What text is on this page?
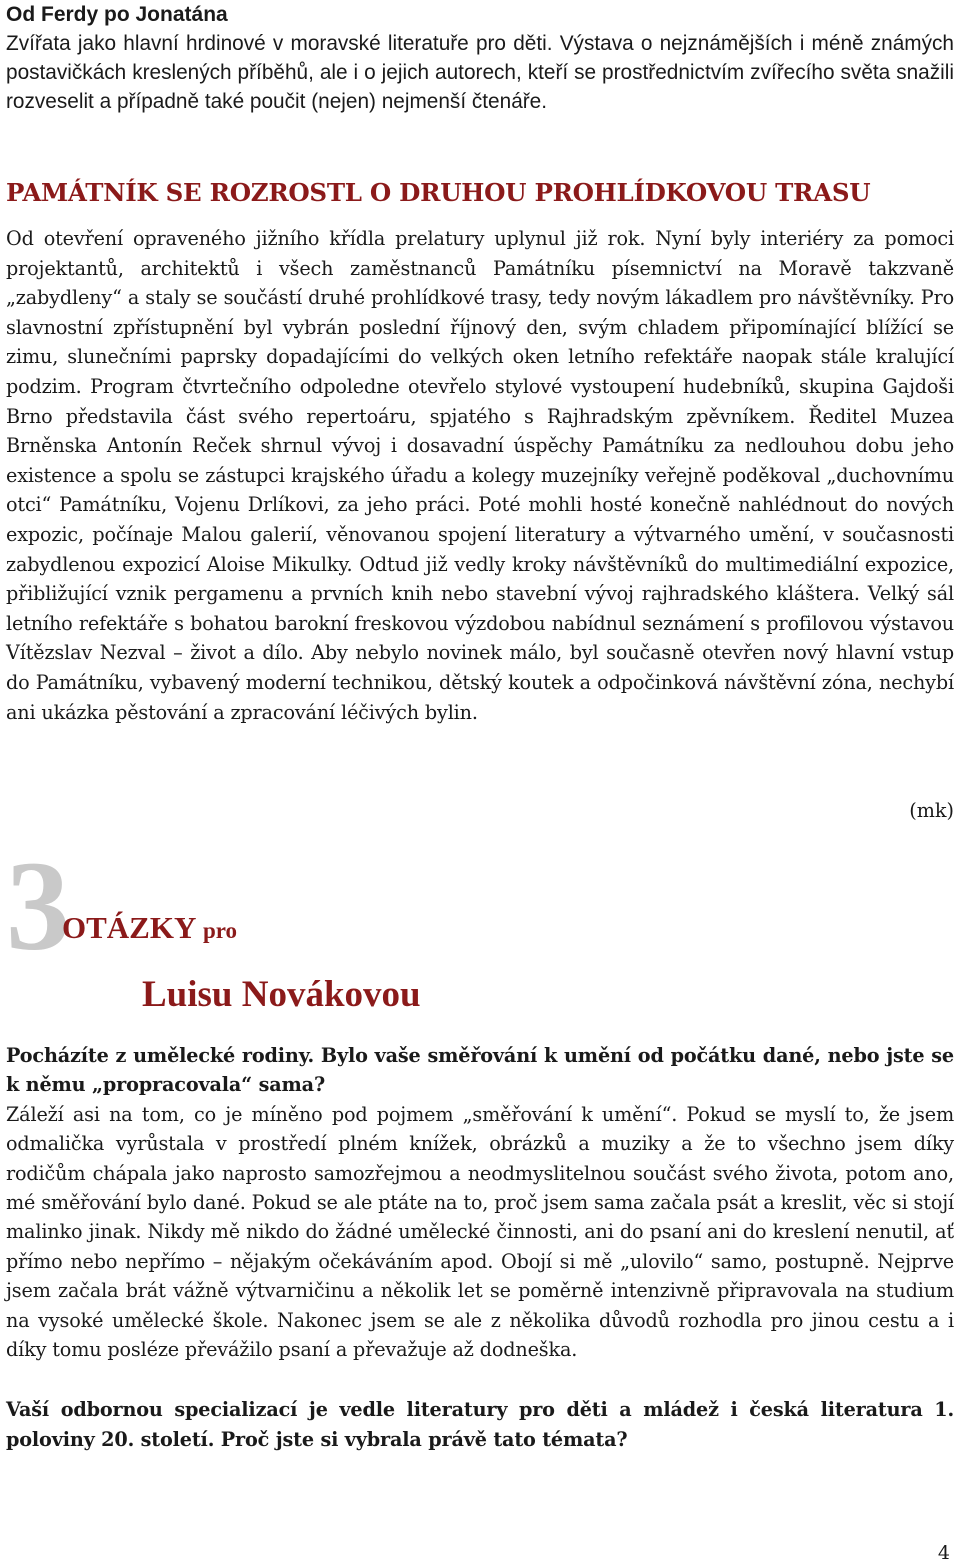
Od Ferdy po Jonatána

Zvířata jako hlavní hrdinové v moravské literatuře pro děti. Výstava o nejznámějších i méně známých postavičkách kreslených příběhů, ale i o jejich autorech, kteří se prostřednictvím zvířecího světa snažili rozveselit a případně také poučit (nejen) nejmenší čtenáře.

PAMÁTNÍK SE ROZROSTL O DRUHOU PROHLÍDKOVOU TRASU

Od otevření opraveného jižního křídla prelatury uplynul již rok. Nyní byly interiéry za pomoci projektantů, architektů i všech zaměstnanců Památníku písemnictví na Moravě takzvaně „zabydleny“ a staly se součástí druhé prohlídkové trasy, tedy novým lákadlem pro návštěvníky. Pro slavnostní zpřístupnění byl vybrán poslední říjnový den, svým chladem připomínající blížící se zimu, slunečními paprsky dopadajícími do velkých oken letního refektáře naopak stále kralující podzim. Program čtvrtečního odpoledne otevřelo stylové vystoupení hudebníků, skupina Gajdoši Brno představila část svého repertoáru, spjatého s Rajhradským zpěvníkem. Ředitel Muzea Brněnska Antonín Reček shrnul vývoj i dosavadní úspěchy Památníku za nedlouhou dobu jeho existence a spolu se zástupci krajského úřadu a kolegy muzejníky veřejně poděkoval „duchovnímu otci“ Památníku, Vojenu Drlíkovi, za jeho práci. Poté mohli hosté konečně nahlédnout do nových expozic, počínaje Malou galerií, věnovanou spojení literatury a výtvarného umění, v současnosti zabydlenou expozicí Aloise Mikulky. Odtud již vedly kroky návštěvníků do multimediální expozice, přibližující vznik pergamenu a prvních knih nebo stavební vývoj rajhradského kláštera. Velký sál letního refektáře s bohatou barokní freskovou výzdobou nabídnul seznámení s profilovou výstavou Vítězslav Nezval – život a dílo. Aby nebylo novinek málo, byl současně otevřen nový hlavní vstup do Památníku, vybavený moderní technikou, dětský koutek a odpočinková návštěvní zóna, nechybí ani ukázka pěstování a zpracování léčivých bylin.

(mk)
3
OTÁZKY pro
Luisu Novákovou

Pocházíte z umělecké rodiny. Bylo vaše směřování k umění od počátku dané, nebo jste se k němu „propracovala“ sama?

Záleží asi na tom, co je míněno pod pojmem „směřování k umění“. Pokud se myslí to, že jsem odmalička vyrůstala v prostředí plném knížek, obrázků a muziky a že to všechno jsem díky rodičům chápala jako naprosto samozřejmou a neodmyslitelnou součást svého života, potom ano, mé směřování bylo dané. Pokud se ale ptáte na to, proč jsem sama začala psát a kreslit, věc si stojí malinko jinak. Nikdy mě nikdo do žádné umělecké činnosti, ani do psaní ani do kreslení nenutil, ať přímo nebo nepřímo – nějakým očekáváním apod. Obojí si mě „ulovilo“ samo, postupně. Nejprve jsem začala brát vážně výtvarničinu a několik let se poměrně intenzivně připravovala na studium na vysoké umělecké škole. Nakonec jsem se ale z několika důvodů rozhodla pro jinou cestu a i díky tomu posléze převážilo psaní a převažuje až dodneška.

Vaší odbornou specializací je vedle literatury pro děti a mládež i česká literatura 1. poloviny 20. století. Proč jste si vybrala právě tato témata?

4
